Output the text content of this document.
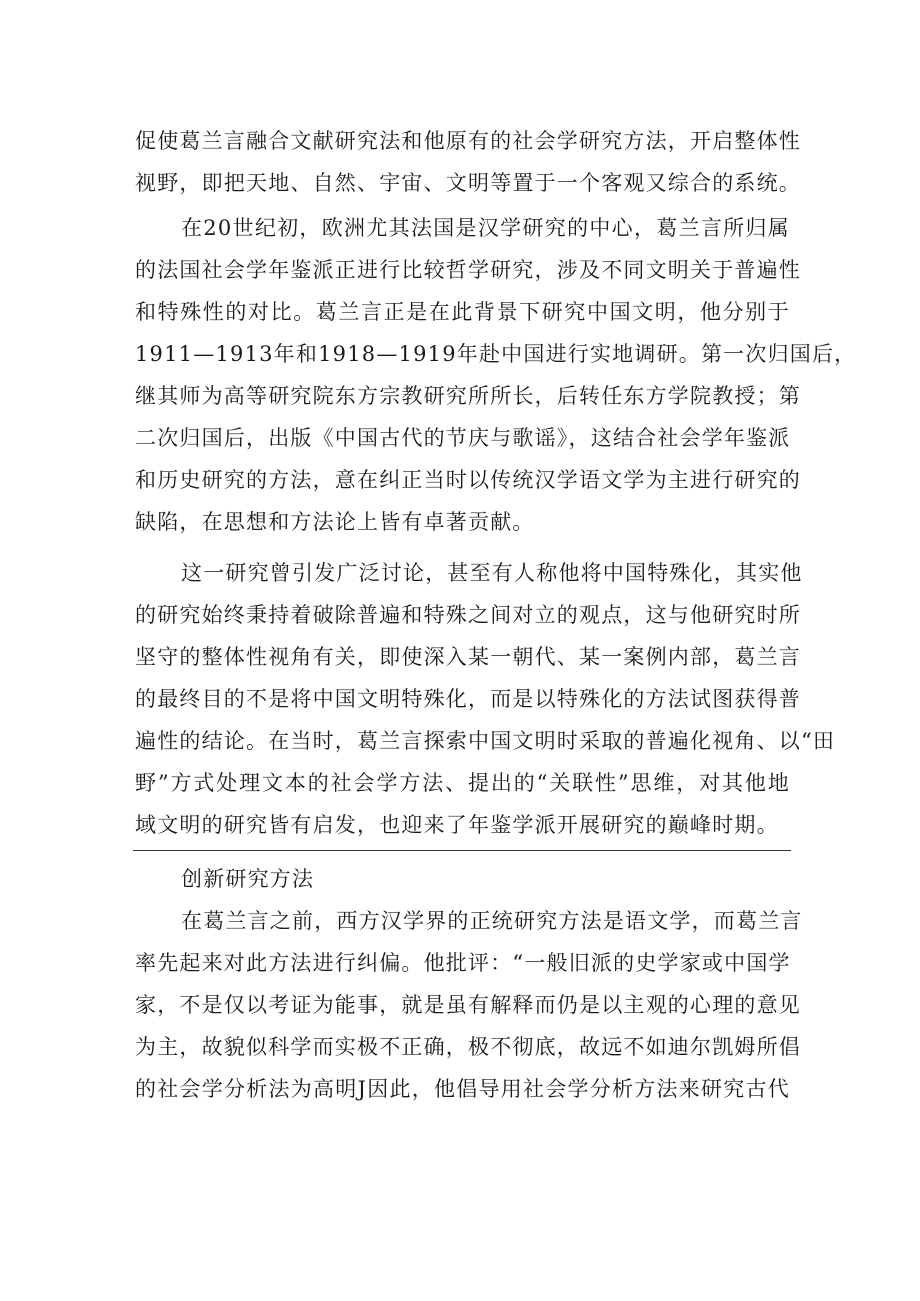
促使葛兰言融合文献研究法和他原有的社会学研究方法，开启整体性
视野，即把天地、自然、宇宙、文明等置于一个客观又综合的系统。
在20世纪初，欧洲尤其法国是汉学研究的中心，葛兰言所归属
的法国社会学年鉴派正进行比较哲学研究，涉及不同文明关于普遍性
和特殊性的对比。葛兰言正是在此背景下研究中国文明，他分别于
1911—1913年和1918—1919年赴中国进行实地调研。第一次归国后，
继其师为高等研究院东方宗教研究所所长，后转任东方学院教授；第
二次归国后，出版《中国古代的节庆与歌谣》，这结合社会学年鉴派
和历史研究的方法，意在纠正当时以传统汉学语文学为主进行研究的
缺陷，在思想和方法论上皆有卓著贡献。
这一研究曾引发广泛讨论，甚至有人称他将中国特殊化，其实他
的研究始终秉持着破除普遍和特殊之间对立的观点，这与他研究时所
坚守的整体性视角有关，即使深入某一朝代、某一案例内部，葛兰言
的最终目的不是将中国文明特殊化，而是以特殊化的方法试图获得普
遍性的结论。在当时，葛兰言探索中国文明时采取的普遍化视角、以“田
野”方式处理文本的社会学方法、提出的“关联性”思维，对其他地
域文明的研究皆有启发，也迎来了年鉴学派开展研究的巅峰时期。
创新研究方法
在葛兰言之前，西方汉学界的正统研究方法是语文学，而葛兰言
率先起来对此方法进行纠偏。他批评：“一般旧派的史学家或中国学
家，不是仅以考证为能事，就是虽有解释而仍是以主观的心理的意见
为主，故貌似科学而实极不正确，极不彻底，故远不如迪尔凯姆所倡
的社会学分析法为高明J因此，他倡导用社会学分析方法来研究古代
